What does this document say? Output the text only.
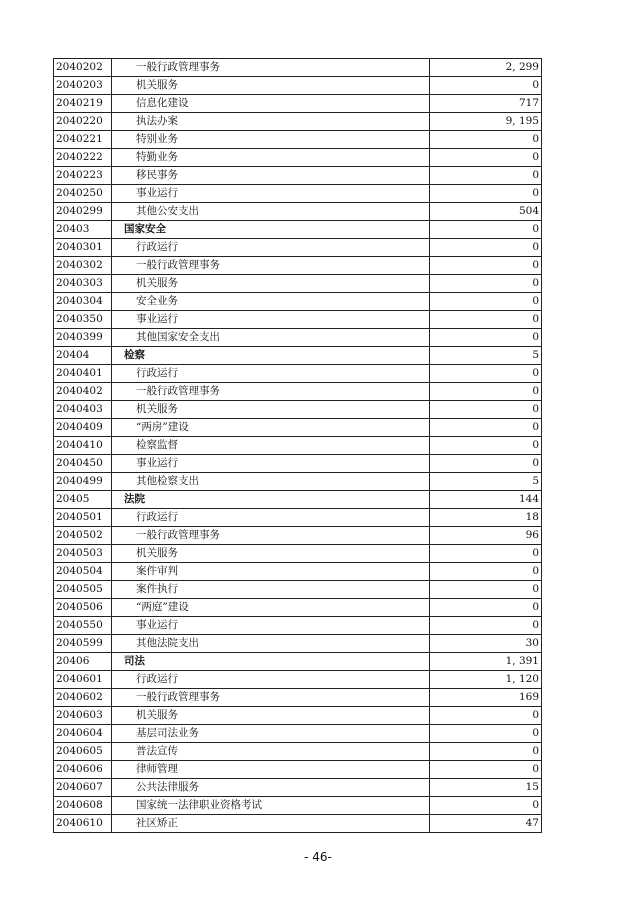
2040202	一般行政管理事务	2, 299
2040203	机关服务	0
2040219	信息化建设	717
2040220	执法办案	9, 195
2040221	特别业务	0
2040222	特勤业务	0
2040223	移民事务	0
2040250	事业运行	0
2040299	其他公安支出	504
20403	国家安全	0
2040301	行政运行	0
2040302	一般行政管理事务	0
2040303	机关服务	0
2040304	安全业务	0
2040350	事业运行	0
2040399	其他国家安全支出	0
20404	检察	5
2040401	行政运行	0
2040402	一般行政管理事务	0
2040403	机关服务	0
2040409	“两房”建设	0
2040410	检察监督	0
2040450	事业运行	0
2040499	其他检察支出	5
20405	法院	144
2040501	行政运行	18
2040502	一般行政管理事务	96
2040503	机关服务	0
2040504	案件审判	0
2040505	案件执行	0
2040506	“两庭”建设	0
2040550	事业运行	0
2040599	其他法院支出	30
20406	司法	1, 391
2040601	行政运行	1, 120
2040602	一般行政管理事务	169
2040603	机关服务	0
2040604	基层司法业务	0
2040605	普法宣传	0
2040606	律师管理	0
2040607	公共法律服务	15
2040608	国家统一法律职业资格考试	0
2040610	社区矫正	47
- 46-
